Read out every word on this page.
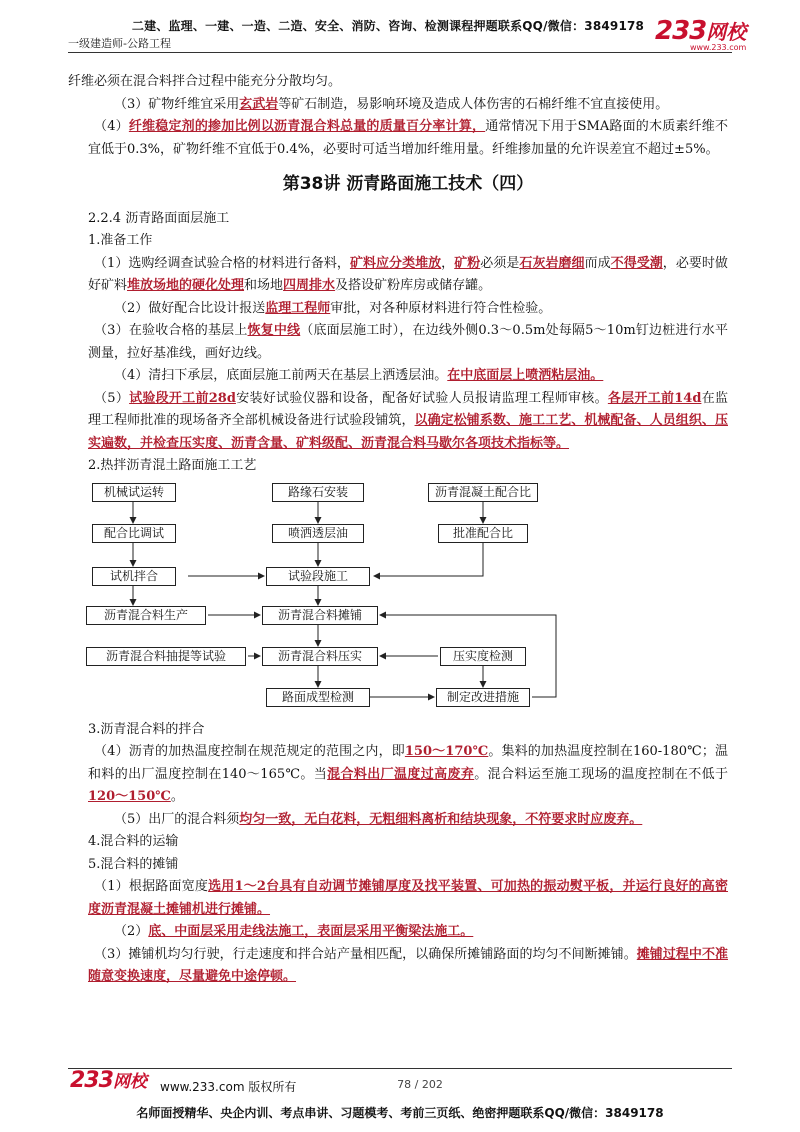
二建、监理、一建、一造、二造、安全、消防、咨询、检测课程押题联系QQ/微信：3849178
一级建造师-公路工程	233网校
www.233.com

纤维必须在混合料拌合过程中能充分分散均匀。

（3）矿物纤维宜采用玄武岩等矿石制造，易影响环境及造成人体伤害的石棉纤维不宜直接使用。

（4）纤维稳定剂的掺加比例以沥青混合料总量的质量百分率计算，通常情况下用于SMA路面的木质素纤维不宜低于0.3%，矿物纤维不宜低于0.4%，必要时可适当增加纤维用量。纤维掺加量的允许误差宜不超过±5%。

第38讲 沥青路面施工技术（四）

2.2.4 沥青路面面层施工

1.准备工作

（1）选购经调查试验合格的材料进行备料，矿料应分类堆放，矿粉必须是石灰岩磨细而成不得受潮，必要时做好矿料堆放场地的硬化处理和场地四周排水及搭设矿粉库房或储存罐。

（2）做好配合比设计报送监理工程师审批，对各种原材料进行符合性检验。

（3）在验收合格的基层上恢复中线（底面层施工时），在边线外侧0.3～0.5m处每隔5～10m钉边桩进行水平测量，拉好基准线，画好边线。

（4）清扫下承层，底面层施工前两天在基层上洒透层油。在中底面层上喷洒粘层油。

（5）试验段开工前28d安装好试验仪器和设备，配备好试验人员报请监理工程师审核。各层开工前14d在监理工程师批准的现场备齐全部机械设备进行试验段铺筑，以确定松铺系数、施工工艺、机械配备、人员组织、压实遍数，并检查压实度、沥青含量、矿料级配、沥青混合料马歇尔各项技术指标等。

2.热拌沥青混土路面施工工艺

机械试运转	路缘石安装	沥青混凝土配合比
配合比调试	喷洒透层油	批准配合比
试机拌合	试验段施工
沥青混合料生产	沥青混合料摊铺
沥青混合料抽提等试验	沥青混合料压实	压实度检测
路面成型检测	制定改进措施

3.沥青混合料的拌合

（4）沥青的加热温度控制在规范规定的范围之内，即150～170℃。集料的加热温度控制在160-180℃；温和料的出厂温度控制在140～165℃。当混合料出厂温度过高废弃。混合料运至施工现场的温度控制在不低于120～150℃。

（5）出厂的混合料须均匀一致，无白花料，无粗细料离析和结块现象，不符要求时应废弃。

4.混合料的运输

5.混合料的摊铺

（1）根据路面宽度选用1～2台具有自动调节摊铺厚度及找平装置、可加热的振动熨平板，并运行良好的高密度沥青混凝土摊铺机进行摊铺。

（2）底、中面层采用走线法施工，表面层采用平衡梁法施工。

（3）摊铺机均匀行驶，行走速度和拌合站产量相匹配，以确保所摊铺路面的均匀不间断摊铺。摊铺过程中不准随意变换速度，尽量避免中途停顿。

233网校 www.233.com 版权所有	78 / 202
名师面授精华、央企内训、考点串讲、习题模考、考前三页纸、绝密押题联系QQ/微信：3849178
